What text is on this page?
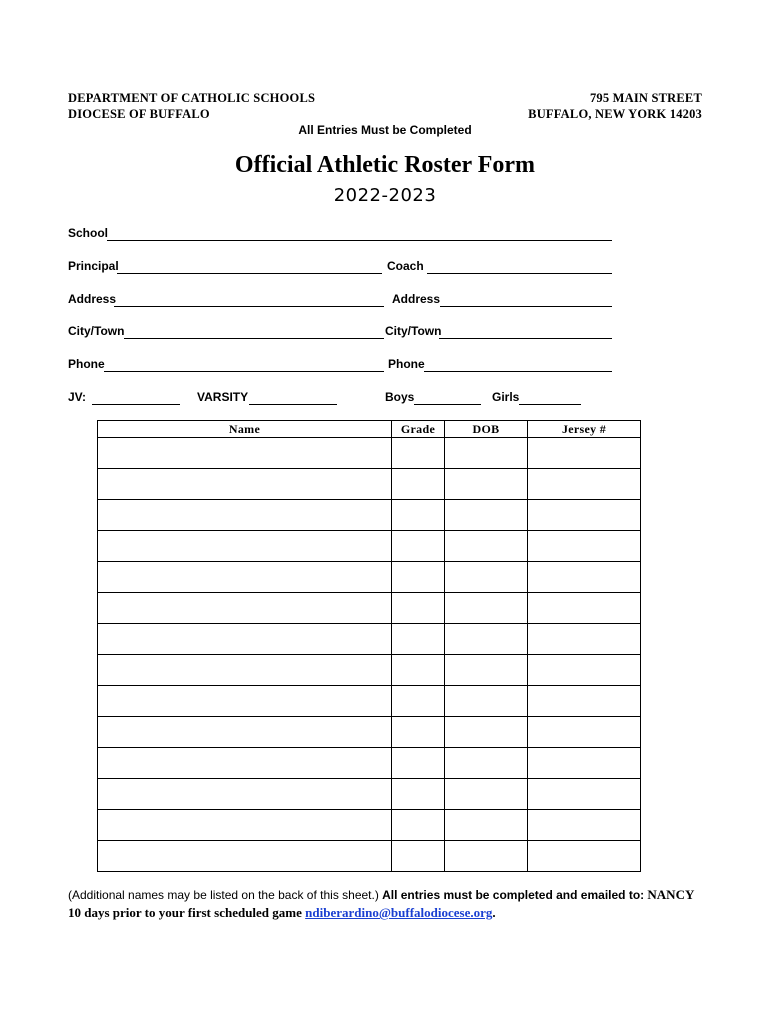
DEPARTMENT OF CATHOLIC SCHOOLS
DIOCESE OF BUFFALO
795 MAIN STREET
BUFFALO, NEW YORK 14203
All Entries Must be Completed
Official Athletic Roster Form
2022-2023
School
Principal	Coach
Address	Address
City/Town	City/Town
Phone	Phone
JV:	VARSITY	Boys	Girls
Name	Grade	DOB	Jersey #

(Additional names may be listed on the back of this sheet.) All entries must be completed and emailed to: NANCY 10 days prior to your first scheduled game ndiberardino@buffalodiocese.org.
